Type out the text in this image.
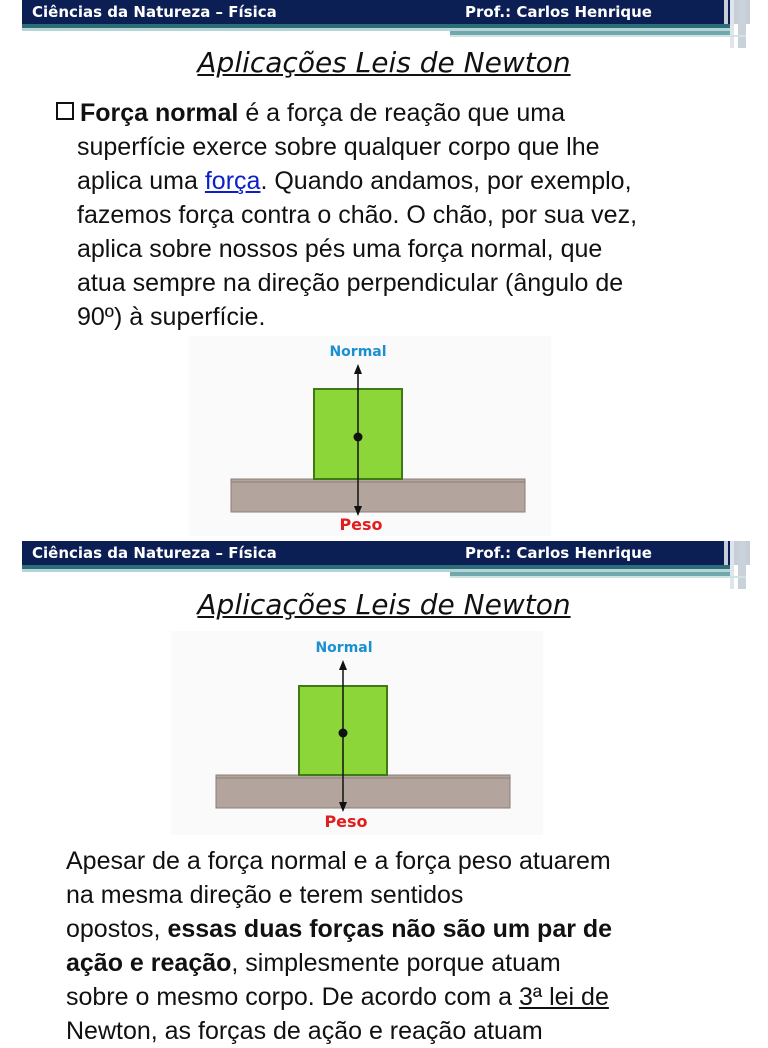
Ciências da Natureza – Física	Prof.: Carlos Henrique
Aplicações Leis de Newton
Força normal é a força de reação que uma
superfície exerce sobre qualquer corpo que lhe
aplica uma força. Quando andamos, por exemplo,
fazemos força contra o chão. O chão, por sua vez,
aplica sobre nossos pés uma força normal, que
atua sempre na direção perpendicular (ângulo de
90º) à superfície.
Normal
Peso
Ciências da Natureza – Física	Prof.: Carlos Henrique
Aplicações Leis de Newton
Normal
Peso
Apesar de a força normal e a força peso atuarem
na mesma direção e terem sentidos
opostos, essas duas forças não são um par de
ação e reação, simplesmente porque atuam
sobre o mesmo corpo. De acordo com a 3ª lei de
Newton, as forças de ação e reação atuam
